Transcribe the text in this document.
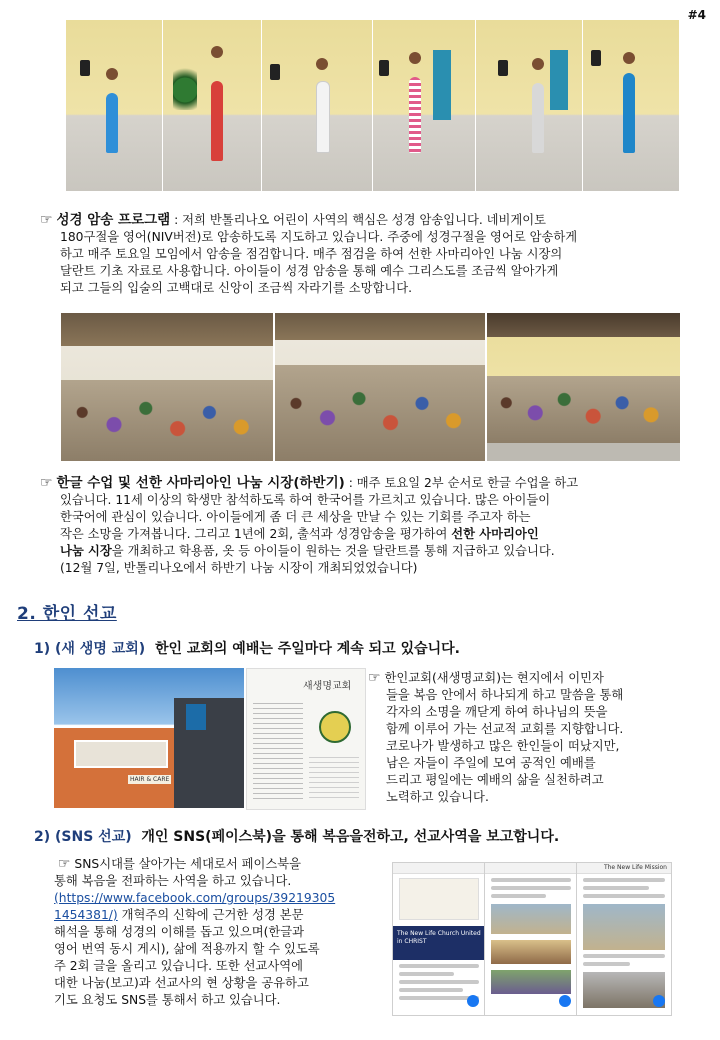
#4
☞ 성경 암송 프로그램 : 저희 반톨리나오 어린이 사역의 핵심은 성경 암송입니다. 네비게이토
180구절을 영어(NIV버전)로 암송하도록 지도하고 있습니다. 주중에 성경구절을 영어로 암송하게
하고 매주 토요일 모임에서 암송을 점검합니다. 매주 점검을 하여 선한 사마리아인 나눔 시장의
달란트 기초 자료로 사용합니다. 아이들이 성경 암송을 통해 예수 그리스도를 조금씩 알아가게
되고 그들의 입술의 고백대로 신앙이 조금씩 자라기를 소망합니다.
☞ 한글 수업 및 선한 사마리아인 나눔 시장(하반기) : 매주 토요일 2부 순서로 한글 수업을 하고
있습니다. 11세 이상의 학생만 참석하도록 하여 한국어를 가르치고 있습니다. 많은 아이들이
한국어에 관심이 있습니다. 아이들에게 좀 더 큰 세상을 만날 수 있는 기회를 주고자 하는
작은 소망을 가져봅니다. 그리고 1년에 2회, 출석과 성경암송을 평가하여 선한 사마리아인
나눔 시장을 개최하고 학용품, 옷 등 아이들이 원하는 것을 달란트를 통해 지급하고 있습니다.
(12월 7일, 반톨리나오에서 하반기 나눔 시장이 개최되었었습니다)
2. 한인 선교
1) (새 생명 교회) 한인 교회의 예배는 주일마다 계속 되고 있습니다.
HAIR & CARE
새생명교회
☞ 한인교회(새생명교회)는 현지에서 이민자
들을 복음 안에서 하나되게 하고 말씀을 통해
각자의 소명을 깨닫게 하여 하나님의 뜻을
함께 이루어 가는 선교적 교회를 지향합니다.
코로나가 발생하고 많은 한인들이 떠났지만,
남은 자들이 주일에 모여 공적인 예배를
드리고 평일에는 예배의 삶을 실천하려고
노력하고 있습니다.
2) (SNS 선교) 개인 SNS(페이스북)을 통해 복음을전하고, 선교사역을 보고합니다.
☞ SNS시대를 살아가는 세대로서 페이스북을
통해 복음을 전파하는 사역을 하고 있습니다.
(https://www.facebook.com/groups/39219305
1454381/) 개혁주의 신학에 근거한 성경 본문
해석을 통해 성경의 이해를 돕고 있으며(한글과
영어 번역 동시 게시), 삶에 적용까지 할 수 있도록
주 2회 글을 올리고 있습니다. 또한 선교사역에
대한 나눔(보고)과 선교사의 현 상황을 공유하고
기도 요청도 SNS를 통해서 하고 있습니다.
The New Life Church United in CHRIST
The New Life Mission
